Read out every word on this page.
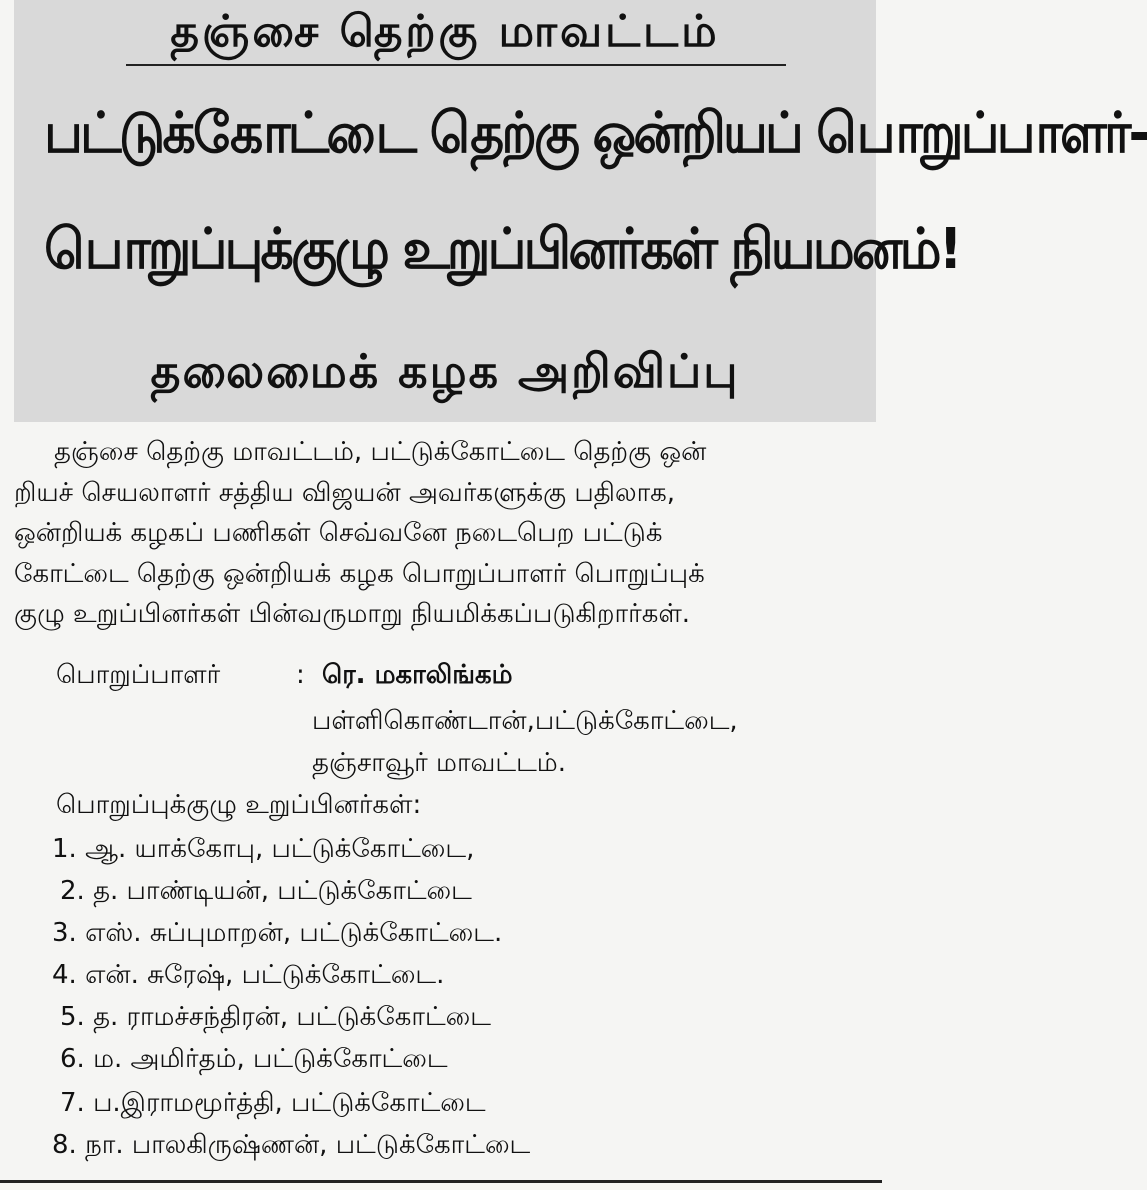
தஞ்சை தெற்கு மாவட்டம்
பட்டுக்கோட்டை தெற்கு ஒன்றியப் பொறுப்பாளர்-
பொறுப்புக்குழு உறுப்பினர்கள் நியமனம்!
தலைமைக் கழக அறிவிப்பு

தஞ்சை தெற்கு மாவட்டம், பட்டுக்கோட்டை தெற்கு ஒன்

றியச் செயலாளர் சத்திய விஜயன் அவர்களுக்கு பதிலாக,

ஒன்றியக் கழகப் பணிகள் செவ்வனே நடைபெற பட்டுக்

கோட்டை தெற்கு ஒன்றியக் கழக பொறுப்பாளர் பொறுப்புக்

குழு உறுப்பினர்கள் பின்வருமாறு நியமிக்கப்படுகிறார்கள்.

பொறுப்பாளர்	: ரெ. மகாலிங்கம்
பள்ளிகொண்டான்,பட்டுக்கோட்டை,
தஞ்சாவூர் மாவட்டம்.
பொறுப்புக்குழு உறுப்பினர்கள்:
1. ஆ. யாக்கோபு, பட்டுக்கோட்டை,
2. த. பாண்டியன், பட்டுக்கோட்டை
3. எஸ். சுப்புமாறன், பட்டுக்கோட்டை.
4. என். சுரேஷ், பட்டுக்கோட்டை.
5. த. ராமச்சந்திரன், பட்டுக்கோட்டை
6. ம. அமிர்தம், பட்டுக்கோட்டை
7. ப.இராமமூர்த்தி, பட்டுக்கோட்டை
8. நா. பாலகிருஷ்ணன், பட்டுக்கோட்டை
